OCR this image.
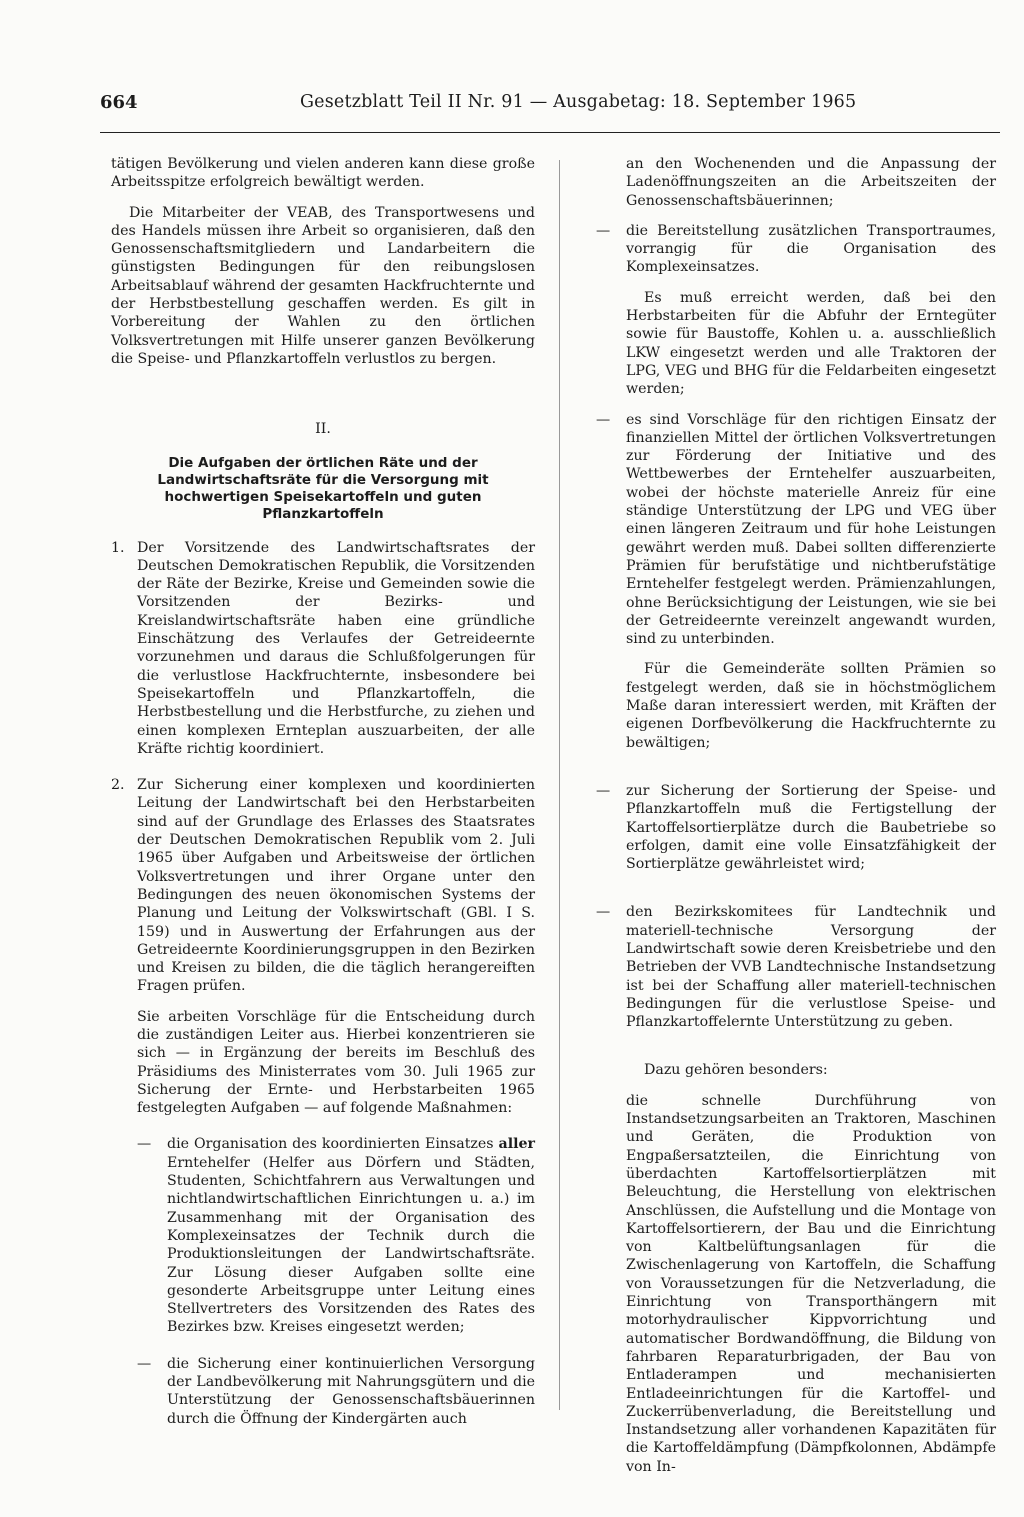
664	Gesetzblatt Teil II Nr. 91 — Ausgabetag: 18. September 1965

tätigen Bevölkerung und vielen anderen kann diese große Arbeitsspitze erfolgreich bewältigt werden.

Die Mitarbeiter der VEAB, des Transportwesens und des Handels müssen ihre Arbeit so organisieren, daß den Genossenschaftsmitgliedern und Landarbeitern die günstigsten Bedingungen für den reibungslosen Arbeitsablauf während der gesamten Hackfruchternte und der Herbstbestellung geschaffen werden. Es gilt in Vorbereitung der Wahlen zu den örtlichen Volksvertretungen mit Hilfe unserer ganzen Bevölkerung die Speise- und Pflanzkartoffeln verlustlos zu bergen.

II.

Die Aufgaben der örtlichen Räte und der Landwirtschaftsräte für die Versorgung mit hochwertigen Speisekartoffeln und guten Pflanzkartoffeln

1. Der Vorsitzende des Landwirtschaftsrates der Deutschen Demokratischen Republik, die Vorsitzenden der Räte der Bezirke, Kreise und Gemeinden sowie die Vorsitzenden der Bezirks- und Kreislandwirtschaftsräte haben eine gründliche Einschätzung des Verlaufes der Getreideernte vorzunehmen und daraus die Schlußfolgerungen für die verlustlose Hackfruchternte, insbesondere bei Speisekartoffeln und Pflanzkartoffeln, die Herbstbestellung und die Herbstfurche, zu ziehen und einen komplexen Ernteplan auszuarbeiten, der alle Kräfte richtig koordiniert.

2. Zur Sicherung einer komplexen und koordinierten Leitung der Landwirtschaft bei den Herbstarbeiten sind auf der Grundlage des Erlasses des Staatsrates der Deutschen Demokratischen Republik vom 2. Juli 1965 über Aufgaben und Arbeitsweise der örtlichen Volksvertretungen und ihrer Organe unter den Bedingungen des neuen ökonomischen Systems der Planung und Leitung der Volkswirtschaft (GBl. I S. 159) und in Auswertung der Erfahrungen aus der Getreideernte Koordinierungsgruppen in den Bezirken und Kreisen zu bilden, die die täglich herangereiften Fragen prüfen.

Sie arbeiten Vorschläge für die Entscheidung durch die zuständigen Leiter aus. Hierbei konzentrieren sie sich — in Ergänzung der bereits im Beschluß des Präsidiums des Ministerrates vom 30. Juli 1965 zur Sicherung der Ernte- und Herbstarbeiten 1965 festgelegten Aufgaben — auf folgende Maßnahmen:

— die Organisation des koordinierten Einsatzes aller Erntehelfer (Helfer aus Dörfern und Städten, Studenten, Schichtfahrern aus Verwaltungen und nichtlandwirtschaftlichen Einrichtungen u. a.) im Zusammenhang mit der Organisation des Komplexeinsatzes der Technik durch die Produktionsleitungen der Landwirtschaftsräte. Zur Lösung dieser Aufgaben sollte eine gesonderte Arbeitsgruppe unter Leitung eines Stellvertreters des Vorsitzenden des Rates des Bezirkes bzw. Kreises eingesetzt werden;

— die Sicherung einer kontinuierlichen Versorgung der Landbevölkerung mit Nahrungsgütern und die Unterstützung der Genossenschaftsbäuerinnen durch die Öffnung der Kindergärten auch

an den Wochenenden und die Anpassung der Ladenöffnungszeiten an die Arbeitszeiten der Genossenschaftsbäuerinnen;

— die Bereitstellung zusätzlichen Transportraumes, vorrangig für die Organisation des Komplexeinsatzes.

Es muß erreicht werden, daß bei den Herbstarbeiten für die Abfuhr der Erntegüter sowie für Baustoffe, Kohlen u. a. ausschließlich LKW eingesetzt werden und alle Traktoren der LPG, VEG und BHG für die Feldarbeiten eingesetzt werden;

— es sind Vorschläge für den richtigen Einsatz der finanziellen Mittel der örtlichen Volksvertretungen zur Förderung der Initiative und des Wettbewerbes der Erntehelfer auszuarbeiten, wobei der höchste materielle Anreiz für eine ständige Unterstützung der LPG und VEG über einen längeren Zeitraum und für hohe Leistungen gewährt werden muß. Dabei sollten differenzierte Prämien für berufstätige und nichtberufstätige Erntehelfer festgelegt werden. Prämienzahlungen, ohne Berücksichtigung der Leistungen, wie sie bei der Getreideernte vereinzelt angewandt wurden, sind zu unterbinden.

Für die Gemeinderäte sollten Prämien so festgelegt werden, daß sie in höchstmöglichem Maße daran interessiert werden, mit Kräften der eigenen Dorfbevölkerung die Hackfruchternte zu bewältigen;

— zur Sicherung der Sortierung der Speise- und Pflanzkartoffeln muß die Fertigstellung der Kartoffelsortierplätze durch die Baubetriebe so erfolgen, damit eine volle Einsatzfähigkeit der Sortierplätze gewährleistet wird;

— den Bezirkskomitees für Landtechnik und materiell-technische Versorgung der Landwirtschaft sowie deren Kreisbetriebe und den Betrieben der VVB Landtechnische Instandsetzung ist bei der Schaffung aller materiell-technischen Bedingungen für die verlustlose Speise- und Pflanzkartoffelernte Unterstützung zu geben.

Dazu gehören besonders:

die schnelle Durchführung von Instandsetzungsarbeiten an Traktoren, Maschinen und Geräten, die Produktion von Engpaßersatzteilen, die Einrichtung von überdachten Kartoffelsortierplätzen mit Beleuchtung, die Herstellung von elektrischen Anschlüssen, die Aufstellung und die Montage von Kartoffelsortierern, der Bau und die Einrichtung von Kaltbelüftungsanlagen für die Zwischenlagerung von Kartoffeln, die Schaffung von Voraussetzungen für die Netzverladung, die Einrichtung von Transporthängern mit motorhydraulischer Kippvorrichtung und automatischer Bordwandöffnung, die Bildung von fahrbaren Reparaturbrigaden, der Bau von Entladerampen und mechanisierten Entladeeinrichtungen für die Kartoffel- und Zuckerrübenverladung, die Bereitstellung und Instandsetzung aller vorhandenen Kapazitäten für die Kartoffeldämpfung (Dämpfkolonnen, Abdämpfe von In-
